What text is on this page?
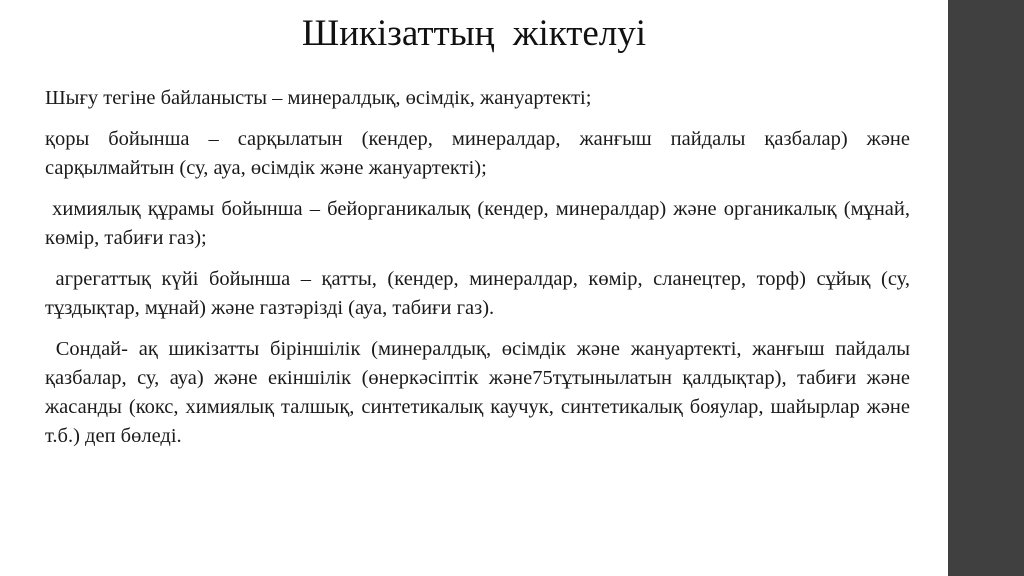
Шикізаттың  жіктелуі

Шығу тегіне байланысты – минералдық, өсімдік, жануартекті;

қоры бойынша – сарқылатын (кендер, минералдар, жанғыш пайдалы қазбалар) және сарқылмайтын (су, ауа, өсімдік және жануартекті);

химиялық құрамы бойынша – бейорганикалық (кендер, минералдар) және органикалық (мұнай, көмір, табиғи газ);

агрегаттық күйі бойынша – қатты, (кендер, минералдар, көмір, сланецтер, торф) сұйық (су, тұздықтар, мұнай) және газтәрізді (ауа, табиғи газ).

Сондай- ақ шикізатты біріншілік (минералдық, өсімдік және жануартекті, жанғыш пайдалы қазбалар, су, ауа) және екіншілік (өнеркәсіптік және75тұтынылатын қалдықтар), табиғи және жасанды (кокс, химиялық талшық, синтетикалық каучук, синтетикалық бояулар, шайырлар және т.б.) деп бөледі.
